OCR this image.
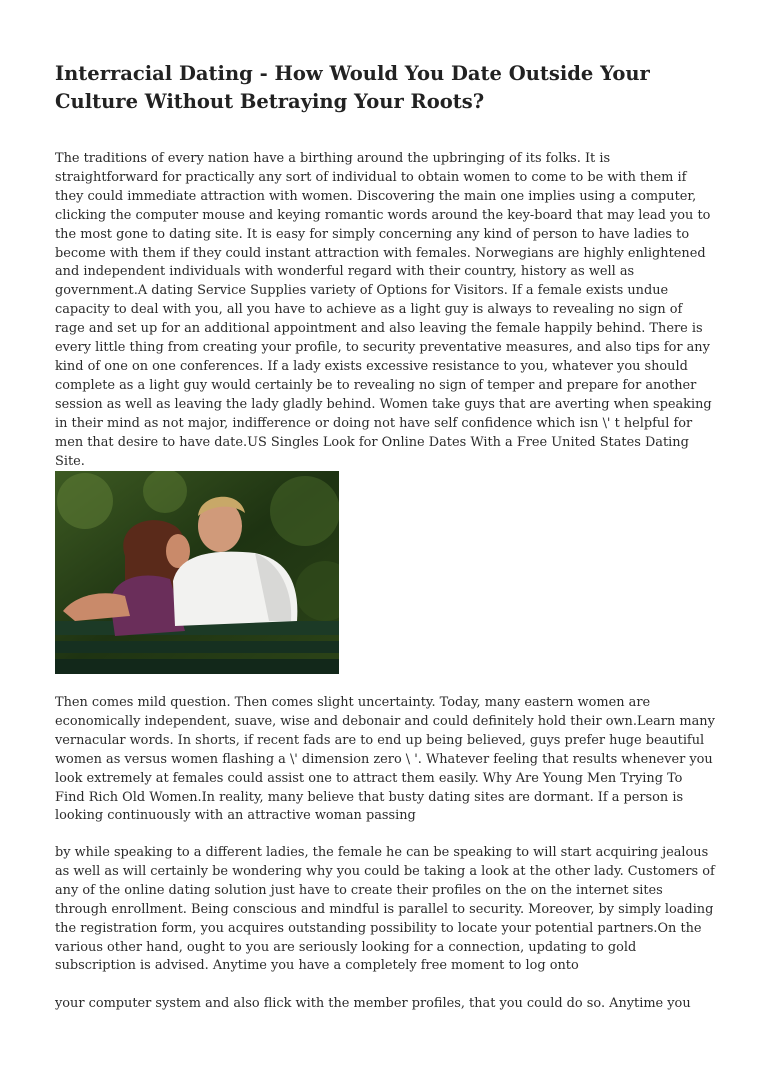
Interracial Dating - How Would You Date Outside Your Culture Without Betraying Your Roots?

The traditions of every nation have a birthing around the upbringing of its folks. It is straightforward for practically any sort of individual to obtain women to come to be with them if they could immediate attraction with women. Discovering the main one implies using a computer, clicking the computer mouse and keying romantic words around the key-board that may lead you to the most gone to dating site. It is easy for simply concerning any kind of person to have ladies to become with them if they could instant attraction with females. Norwegians are highly enlightened and independent individuals with wonderful regard with their country, history as well as government.A dating Service Supplies variety of Options for Visitors. If a female exists undue capacity to deal with you, all you have to achieve as a light guy is always to revealing no sign of rage and set up for an additional appointment and also leaving the female happily behind. There is every little thing from creating your profile, to security preventative measures, and also tips for any kind of one on one conferences. If a lady exists excessive resistance to you, whatever you should complete as a light guy would certainly be to revealing no sign of temper and prepare for another session as well as leaving the lady gladly behind. Women take guys that are averting when speaking in their mind as not major, indifference or doing not have self confidence which isn \' t helpful for men that desire to have date.US Singles Look for Online Dates With a Free United States Dating Site.

Then comes mild question. Then comes slight uncertainty. Today, many eastern women are economically independent, suave, wise and debonair and could definitely hold their own.Learn many vernacular words. In shorts, if recent fads are to end up being believed, guys prefer huge beautiful women as versus women flashing a \' dimension zero \ '. Whatever feeling that results whenever you look extremely at females could assist one to attract them easily. Why Are Young Men Trying To Find Rich Old Women.In reality, many believe that busty dating sites are dormant. If a person is looking continuously with an attractive woman passing

by while speaking to a different ladies, the female he can be speaking to will start acquiring jealous as well as will certainly be wondering why you could be taking a look at the other lady. Customers of any of the online dating solution just have to create their profiles on the on the internet sites through enrollment. Being conscious and mindful is parallel to security. Moreover, by simply loading the registration form, you acquires outstanding possibility to locate your potential partners.On the various other hand, ought to you are seriously looking for a connection, updating to gold subscription is advised. Anytime you have a completely free moment to log onto

your computer system and also flick with the member profiles, that you could do so. Anytime you
